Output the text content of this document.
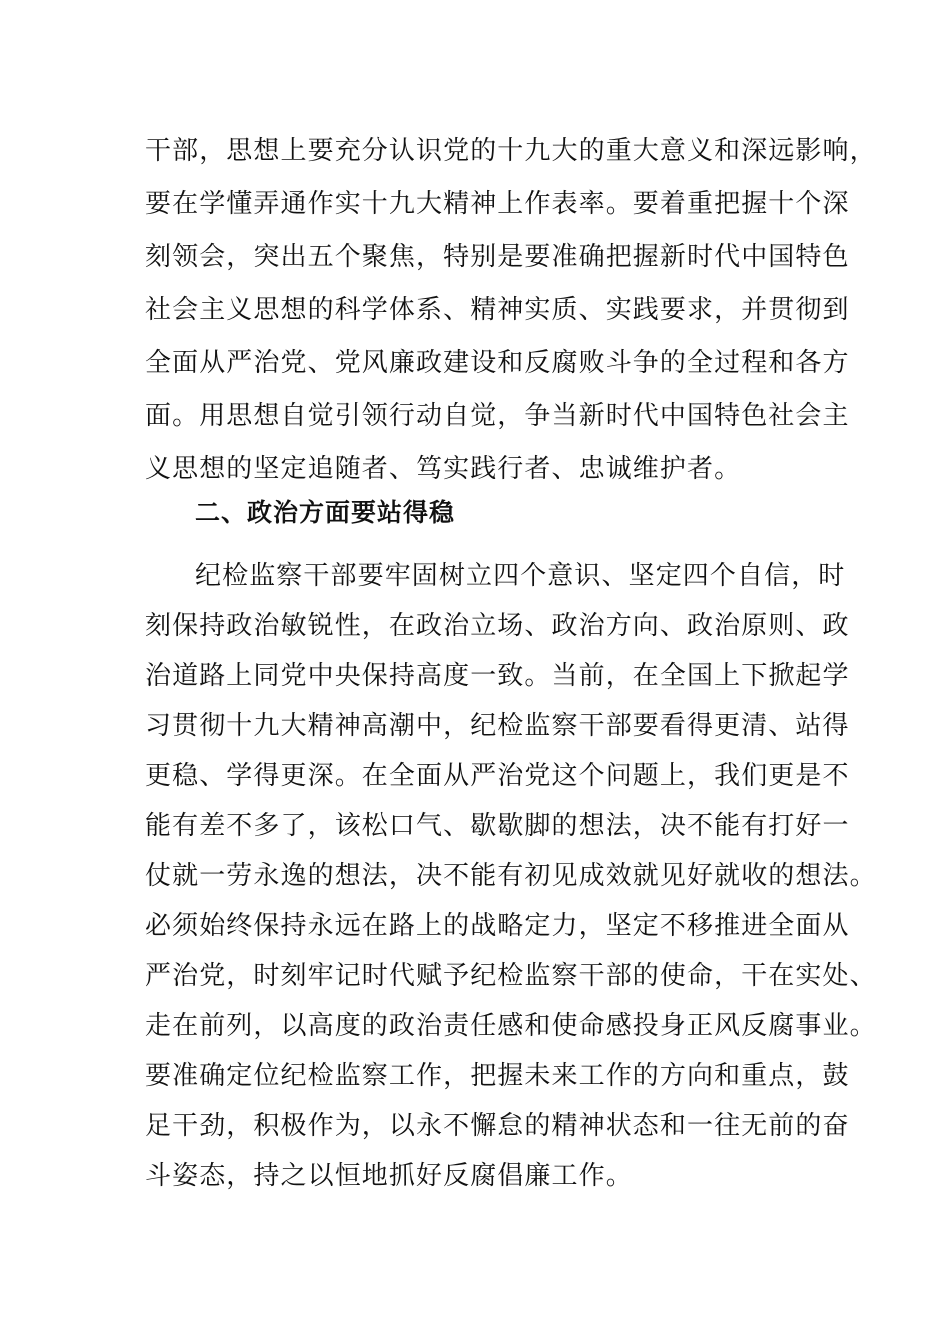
干部，思想上要充分认识党的十九大的重大意义和深远影响，
要在学懂弄通作实十九大精神上作表率。要着重把握十个深
刻领会，突出五个聚焦，特别是要准确把握新时代中国特色
社会主义思想的科学体系、精神实质、实践要求，并贯彻到
全面从严治党、党风廉政建设和反腐败斗争的全过程和各方
面。用思想自觉引领行动自觉，争当新时代中国特色社会主
义思想的坚定追随者、笃实践行者、忠诚维护者。
二、政治方面要站得稳
纪检监察干部要牢固树立四个意识、坚定四个自信，时
刻保持政治敏锐性，在政治立场、政治方向、政治原则、政
治道路上同党中央保持高度一致。当前，在全国上下掀起学
习贯彻十九大精神高潮中，纪检监察干部要看得更清、站得
更稳、学得更深。在全面从严治党这个问题上，我们更是不
能有差不多了，该松口气、歇歇脚的想法，决不能有打好一
仗就一劳永逸的想法，决不能有初见成效就见好就收的想法。
必须始终保持永远在路上的战略定力，坚定不移推进全面从
严治党，时刻牢记时代赋予纪检监察干部的使命，干在实处、
走在前列，以高度的政治责任感和使命感投身正风反腐事业。
要准确定位纪检监察工作，把握未来工作的方向和重点，鼓
足干劲，积极作为，以永不懈怠的精神状态和一往无前的奋
斗姿态，持之以恒地抓好反腐倡廉工作。
